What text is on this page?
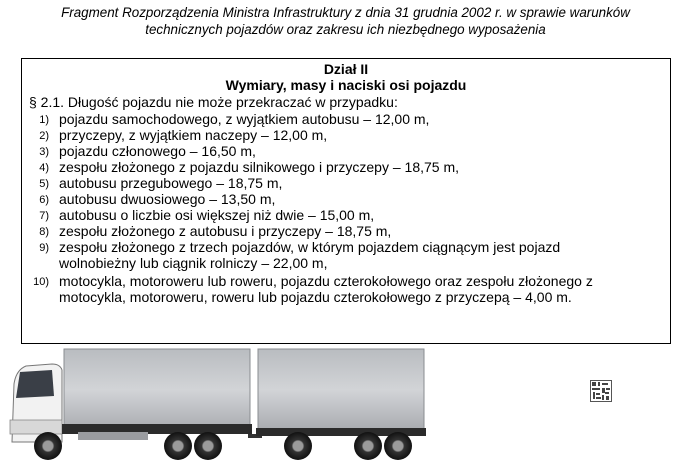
Fragment Rozporządzenia Ministra Infrastruktury z dnia 31 grudnia 2002 r. w sprawie warunków
technicznych pojazdów oraz zakresu ich niezbędnego wyposażenia
Dział II
Wymiary, masy i naciski osi pojazdu
§ 2.1. Długość pojazdu nie może przekraczać w przypadku:
1) pojazdu samochodowego, z wyjątkiem autobusu – 12,00 m,
2) przyczepy, z wyjątkiem naczepy – 12,00 m,
3) pojazdu członowego – 16,50 m,
4) zespołu złożonego z pojazdu silnikowego i przyczepy – 18,75 m,
5) autobusu przegubowego – 18,75 m,
6) autobusu dwuosiowego – 13,50 m,
7) autobusu o liczbie osi większej niż dwie – 15,00 m,
8) zespołu złożonego z autobusu i przyczepy – 18,75 m,
9) zespołu złożonego z trzech pojazdów, w którym pojazdem ciągnącym jest pojazd
wolnobieżny lub ciągnik rolniczy – 22,00 m,
10) motocykla, motoroweru lub roweru, pojazdu czterokołowego oraz zespołu złożonego z
motocykla, motoroweru, roweru lub pojazdu czterokołowego z przyczepą – 4,00 m.
